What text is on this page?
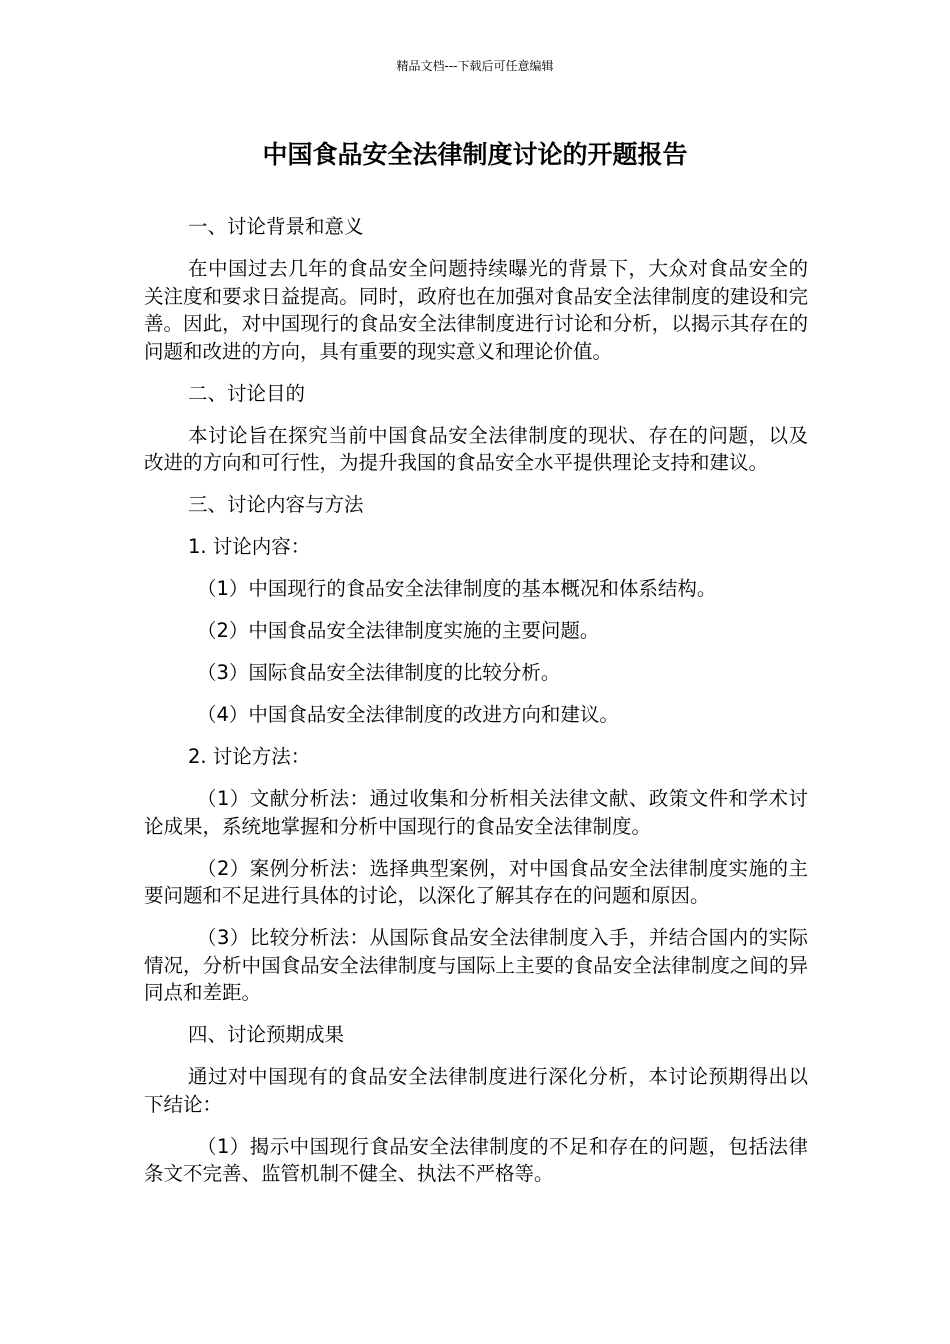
精品文档---下载后可任意编辑
中国食品安全法律制度讨论的开题报告

一、讨论背景和意义

在中国过去几年的食品安全问题持续曝光的背景下，大众对食品安全的关注度和要求日益提高。同时，政府也在加强对食品安全法律制度的建设和完善。因此，对中国现行的食品安全法律制度进行讨论和分析，以揭示其存在的问题和改进的方向，具有重要的现实意义和理论价值。

二、讨论目的

本讨论旨在探究当前中国食品安全法律制度的现状、存在的问题，以及改进的方向和可行性，为提升我国的食品安全水平提供理论支持和建议。

三、讨论内容与方法

1. 讨论内容：

（1）中国现行的食品安全法律制度的基本概况和体系结构。

（2）中国食品安全法律制度实施的主要问题。

（3）国际食品安全法律制度的比较分析。

（4）中国食品安全法律制度的改进方向和建议。

2. 讨论方法：

（1）文献分析法：通过收集和分析相关法律文献、政策文件和学术讨论成果，系统地掌握和分析中国现行的食品安全法律制度。

（2）案例分析法：选择典型案例，对中国食品安全法律制度实施的主要问题和不足进行具体的讨论，以深化了解其存在的问题和原因。

（3）比较分析法：从国际食品安全法律制度入手，并结合国内的实际情况，分析中国食品安全法律制度与国际上主要的食品安全法律制度之间的异同点和差距。

四、讨论预期成果

通过对中国现有的食品安全法律制度进行深化分析，本讨论预期得出以下结论：

（1）揭示中国现行食品安全法律制度的不足和存在的问题，包括法律条文不完善、监管机制不健全、执法不严格等。
